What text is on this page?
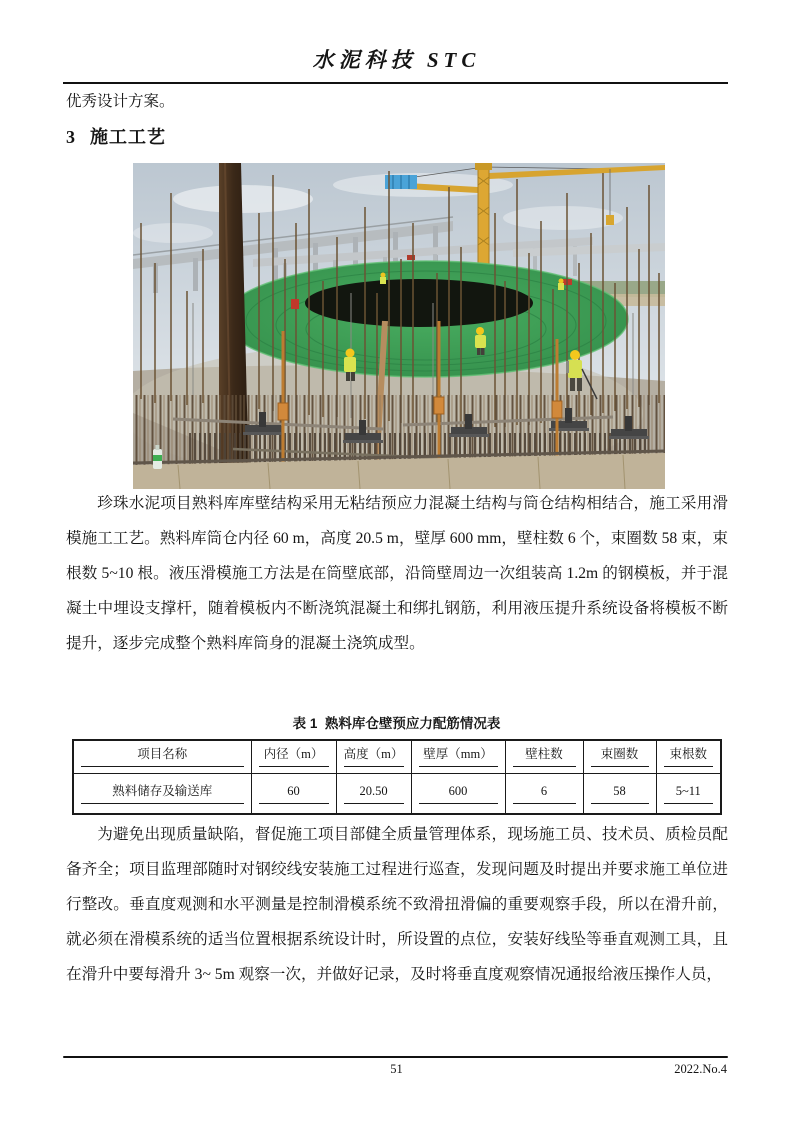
水泥科技 STC
优秀设计方案。
3 施工工艺
珍珠水泥项目熟料库库壁结构采用无粘结预应力混凝土结构与筒仓结构相结合，施工采用滑模施工工艺。熟料库筒仓内径 60 m，高度 20.5 m，壁厚 600 mm，壁柱数 6 个，束圈数 58 束，束根数 5~10 根。液压滑模施工方法是在筒壁底部，沿筒壁周边一次组装高 1.2m 的钢模板，并于混凝土中埋设支撑杆，随着模板内不断浇筑混凝土和绑扎钢筋，利用液压提升系统设备将模板不断提升，逐步完成整个熟料库筒身的混凝土浇筑成型。
表 1 熟料库仓壁预应力配筋情况表
项目名称	内径（m）	高度（m）	壁厚（mm）	壁柱数	束圈数	束根数

熟料储存及输送库	60	20.50	600	6	58	5~11
为避免出现质量缺陷，督促施工项目部健全质量管理体系，现场施工员、技术员、质检员配备齐全；项目监理部随时对钢绞线安装施工过程进行巡查，发现问题及时提出并要求施工单位进行整改。垂直度观测和水平测量是控制滑模系统不致滑扭滑偏的重要观察手段，所以在滑升前，就必须在滑模系统的适当位置根据系统设计时，所设置的点位，安装好线坠等垂直观测工具，且在滑升中要每滑升 3~ 5m 观察一次，并做好记录，及时将垂直度观察情况通报给液压操作人员，
51	2022.No.4
